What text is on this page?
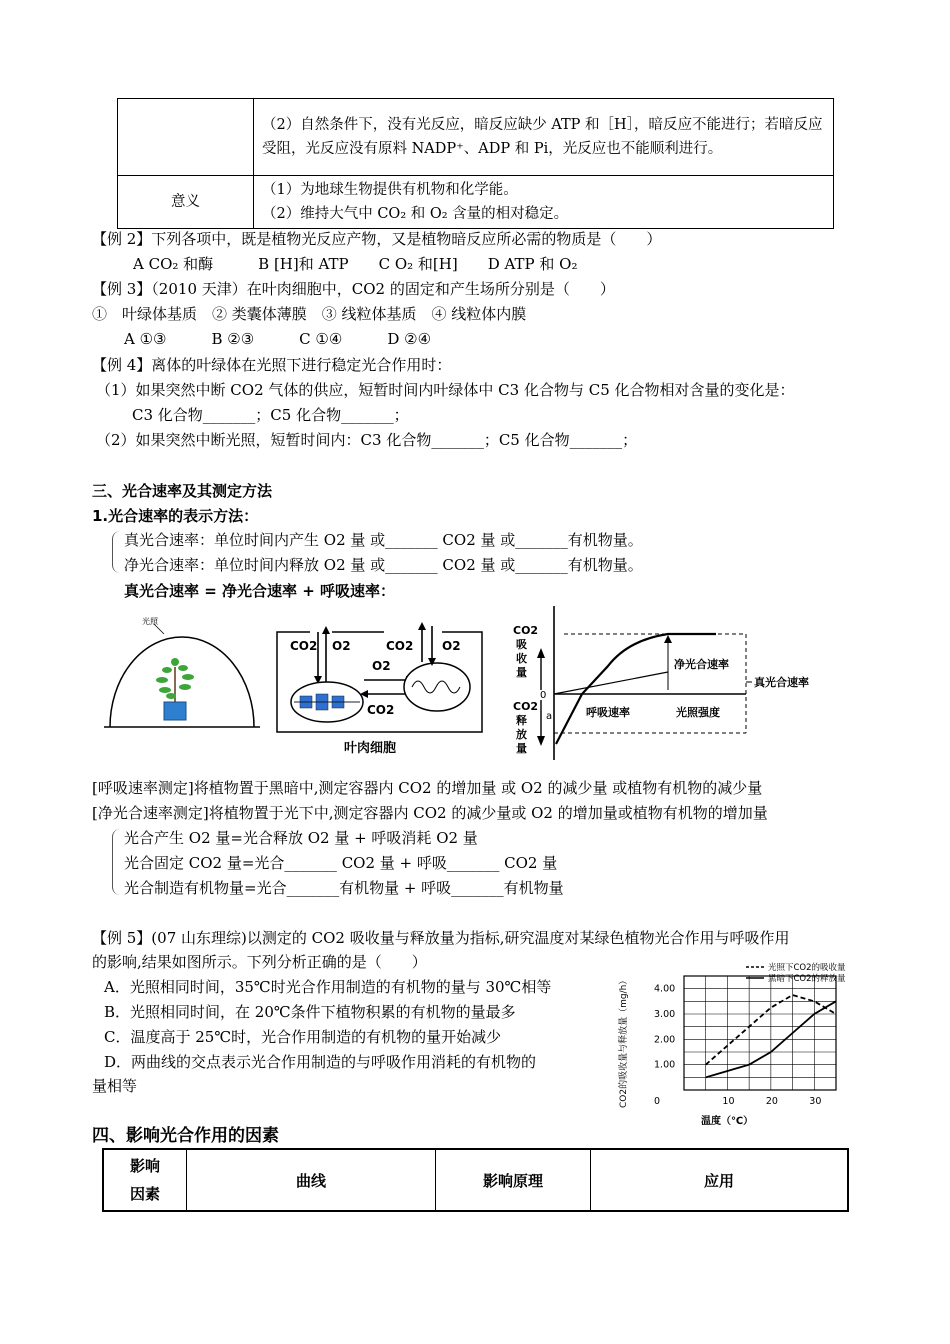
	（2）自然条件下，没有光反应，暗反应缺少 ATP 和［H］，暗反应不能进行；若暗反应受阻，光反应没有原料 NADP⁺、ADP 和 Pi，光反应也不能顺利进行。
意义	（1）为地球生物提供有机物和化学能。
（2）维持大气中 CO₂ 和 O₂ 含量的相对稳定。
【例 2】下列各项中，既是植物光反应产物，又是植物暗反应所必需的物质是（　　）
A CO₂ 和酶　　　B [H]和 ATP　　C O₂ 和[H]　　D ATP 和 O₂
【例 3】（2010 天津）在叶肉细胞中，CO2 的固定和产生场所分别是（　　）
①　叶绿体基质　② 类囊体薄膜　③ 线粒体基质　④ 线粒体内膜
A ①③　　　B ②③　　　C ①④　　　D ②④
【例 4】离体的叶绿体在光照下进行稳定光合作用时：
（1）如果突然中断 CO2 气体的供应，短暂时间内叶绿体中 C3 化合物与 C5 化合物相对含量的变化是：
C3 化合物_______；C5 化合物_______；
（2）如果突然中断光照，短暂时间内：C3 化合物_______；C5 化合物_______；
三、光合速率及其测定方法
1.光合速率的表示方法：
真光合速率：单位时间内产生 O2 量 或_______ CO2 量 或_______有机物量。
净光合速率：单位时间内释放 O2 量 或_______ CO2 量 或_______有机物量。
真光合速率 = 净光合速率 + 呼吸速率：
光照
CO2 O2
O2
CO2
CO2 O2
叶肉细胞
CO2
吸
收
量
CO2
释
放
量
0
a
净光合速率
真光合速率
呼吸速率	光照强度
[呼吸速率测定]将植物置于黑暗中,测定容器内 CO2 的增加量 或 O2 的减少量 或植物有机物的减少量
[净光合速率测定]将植物置于光下中,测定容器内 CO2 的减少量或 O2 的增加量或植物有机物的增加量
光合产生 O2 量=光合释放 O2 量 + 呼吸消耗 O2 量
光合固定 CO2 量=光合_______ CO2 量 + 呼吸_______ CO2 量
光合制造有机物量=光合_______有机物量 + 呼吸_______有机物量
【例 5】(07 山东理综)以测定的 CO2 吸收量与释放量为指标,研究温度对某绿色植物光合作用与呼吸作用
的影响,结果如图所示。下列分析正确的是（　　）
A．光照相同时间，35℃时光合作用制造的有机物的量与 30℃相等
B．光照相同时间，在 20℃条件下植物积累的有机物的量最多
C．温度高于 25℃时，光合作用制造的有机物的量开始减少
D．两曲线的交点表示光合作用制造的与呼吸作用消耗的有机物的
量相等
0	10	20	30
1.00
2.00
3.00
4.00
CO2的吸收量与释放量（mg/h）
温度（℃）
光照下CO2的吸收量
黑暗下CO2的释放量
四、影响光合作用的因素
影响
因素
	曲线	影响原理	应用
